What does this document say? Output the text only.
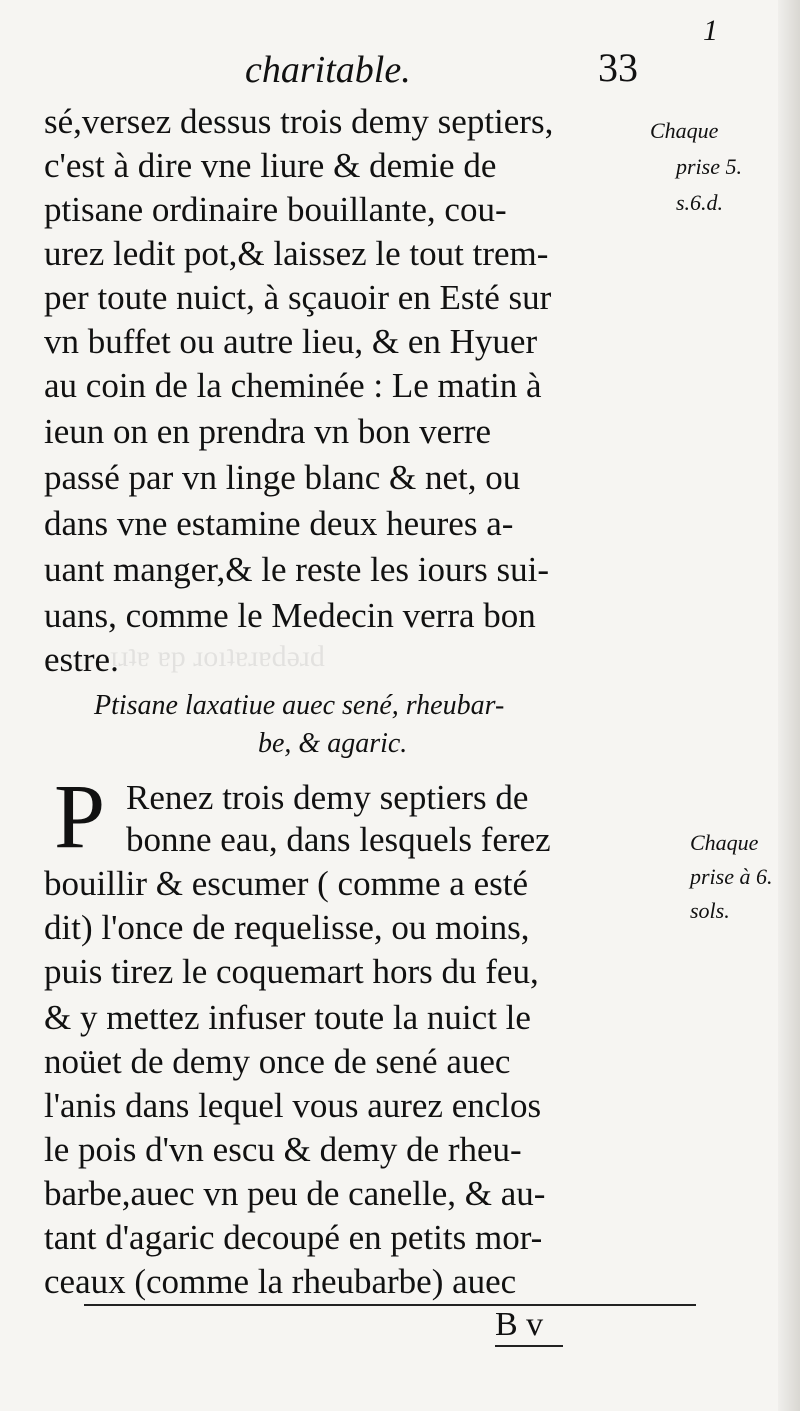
ᴉɹʇɐ ɐp ɹoıʇɐɹɐdǝɹd
1
charitable.	33
sé,versez dessus trois demy septiers,
c'est à dire vne liure & demie de
ptisane ordinaire bouillante, cou-
urez ledit pot,& laissez le tout trem-
per toute nuict, à sçauoir en Esté sur
vn buffet ou autre lieu, & en Hyuer
au coin de la cheminée : Le matin à
ieun on en prendra vn bon verre
passé par vn linge blanc & net, ou
dans vne estamine deux heures a-
uant manger,& le reste les iours sui-
uans, comme le Medecin verra bon
estre.
Ptisane laxatiue auec sené, rheubar-
be, & agaric.
P Renez trois demy septiers de
bonne eau, dans lesquels ferez
bouillir & escumer ( comme a esté
dit) l'once de requelisse, ou moins,
puis tirez le coquemart hors du feu,
& y mettez infuser toute la nuict le
noüet de demy once de sené auec
l'anis dans lequel vous aurez enclos
le pois d'vn escu & demy de rheu-
barbe,auec vn peu de canelle, & au-
tant d'agaric decoupé en petits mor-
ceaux (comme la rheubarbe) auec
Chaque
prise 5.
s.6.d.
Chaque
prise à 6.
sols.
B v
